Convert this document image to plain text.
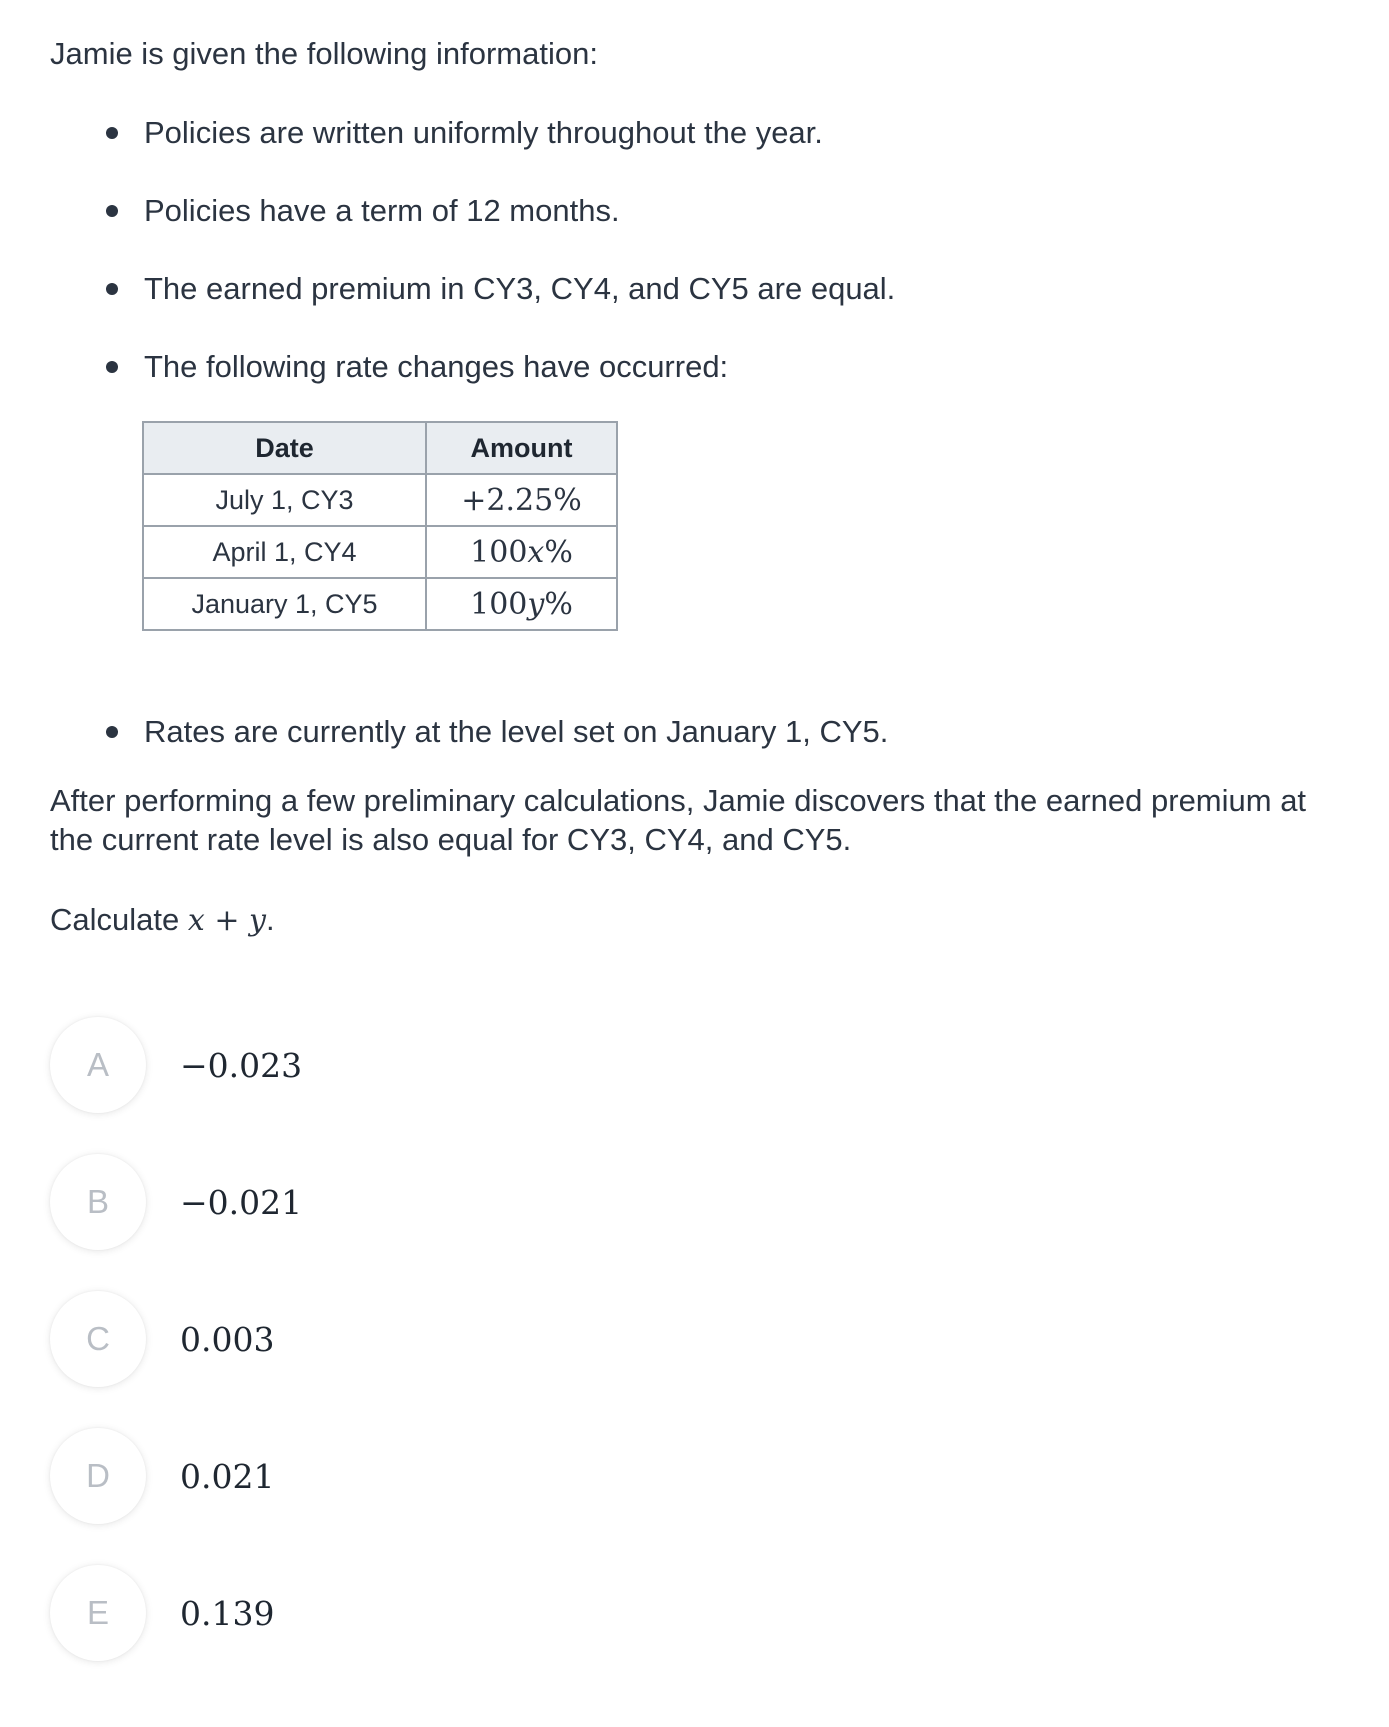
Jamie is given the following information:

Policies are written uniformly throughout the year.
Policies have a term of 12 months.
The earned premium in CY3, CY4, and CY5 are equal.
The following rate changes have occurred:
Date	Amount
July 1, CY3	+2.25%
April 1, CY4	100x%
January 1, CY5	100y%
Rates are currently at the level set on January 1, CY5.

After performing a few preliminary calculations, Jamie discovers that the earned premium at the current rate level is also equal for CY3, CY4, and CY5.

Calculate x + y.

A	−0.023
B	−0.021
C	0.003
D	0.021
E	0.139
